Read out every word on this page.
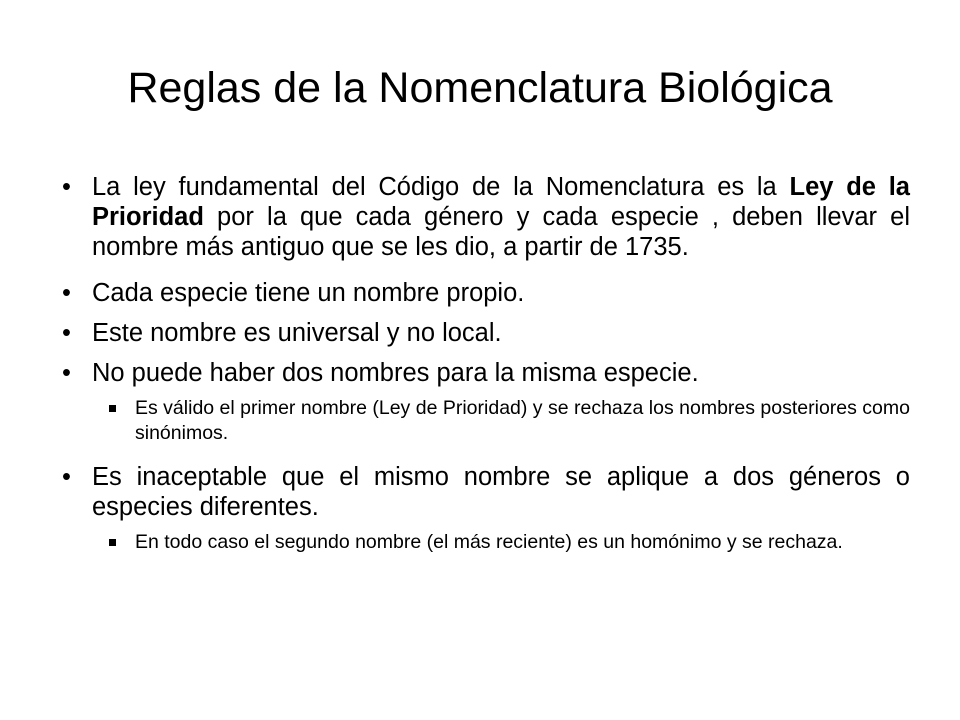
Reglas de la Nomenclatura Biológica
• La ley fundamental del Código de la Nomenclatura es la Ley de la Prioridad por la que cada género y cada especie , deben llevar el nombre más antiguo que se les dio, a partir de 1735.
• Cada especie tiene un nombre propio.
• Este nombre es universal y no local.
• No puede haber dos nombres para la misma especie.
Es válido el primer nombre (Ley de Prioridad) y se rechaza los nombres posteriores como sinónimos.
• Es inaceptable que el mismo nombre se aplique a dos géneros o especies diferentes.
En todo caso el segundo nombre (el más reciente) es un homónimo y se rechaza.
